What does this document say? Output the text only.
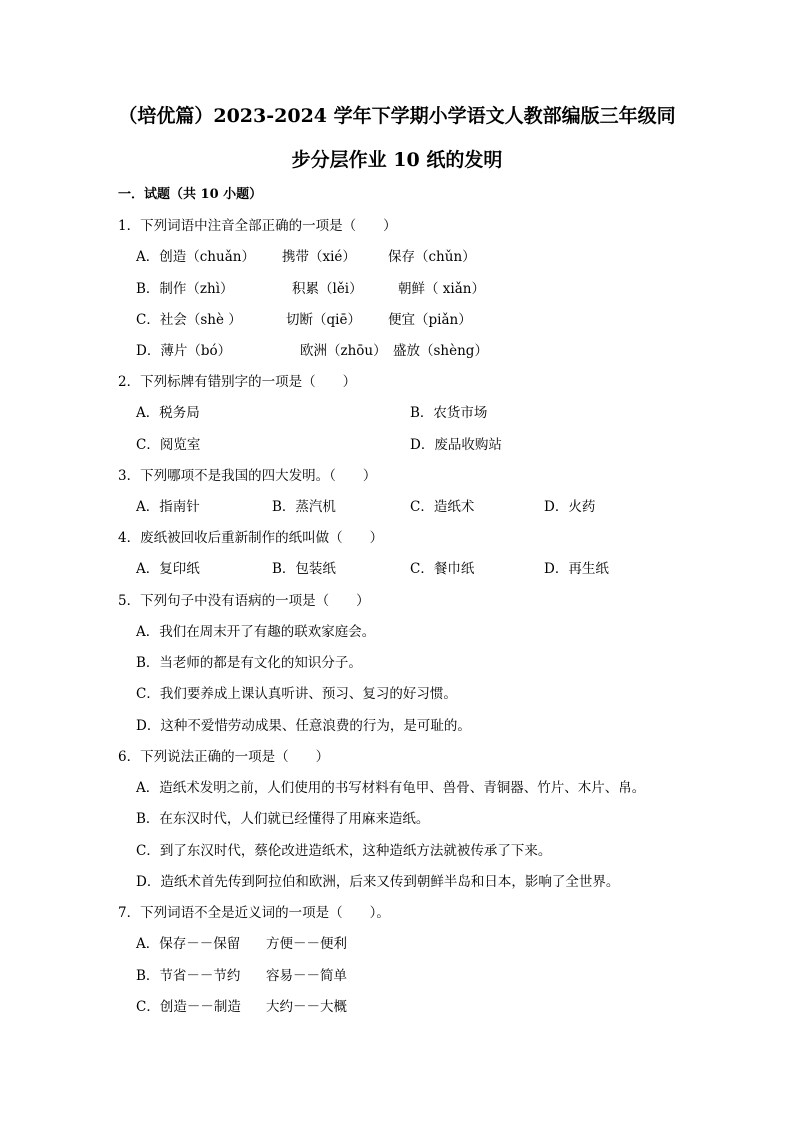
（培优篇）2023-2024 学年下学期小学语文人教部编版三年级同
步分层作业 10 纸的发明
一．试题（共 10 小题）
1．下列词语中注音全部正确的一项是（　　）
A．创造（chuǎn） 携带（xié） 保存（chǔn）
B．制作（zhì）	积累（lěi）	朝鲜（ xiǎn）
C．社会（shè ）	切断（qiē） 便宜（piǎn）
D．薄片（bó）	欧洲（zhōu） 盛放（shèng）
2．下列标牌有错别字的一项是（　　）
A．税务局	B．农货市场
C．阅览室	D．废品收购站
3．下列哪项不是我国的四大发明。（　　）
A．指南针	B．蒸汽机	C．造纸术	D．火药
4．废纸被回收后重新制作的纸叫做（　　）
A．复印纸	B．包装纸	C．餐巾纸	D．再生纸
5．下列句子中没有语病的一项是（　　）
A．我们在周末开了有趣的联欢家庭会。
B．当老师的都是有文化的知识分子。
C．我们要养成上课认真听讲、预习、复习的好习惯。
D．这种不爱惜劳动成果、任意浪费的行为，是可耻的。
6．下列说法正确的一项是（　　）
A．造纸术发明之前，人们使用的书写材料有龟甲、兽骨、青铜器、竹片、木片、帛。
B．在东汉时代，人们就已经懂得了用麻来造纸。
C．到了东汉时代，蔡伦改进造纸术，这种造纸方法就被传承了下来。
D．造纸术首先传到阿拉伯和欧洲，后来又传到朝鲜半岛和日本，影响了全世界。
7．下列词语不全是近义词的一项是（　　）。
A．保存－－保留 方便－－便利
B．节省－－节约 容易－－简单
C．创造－－制造 大约－－大概
